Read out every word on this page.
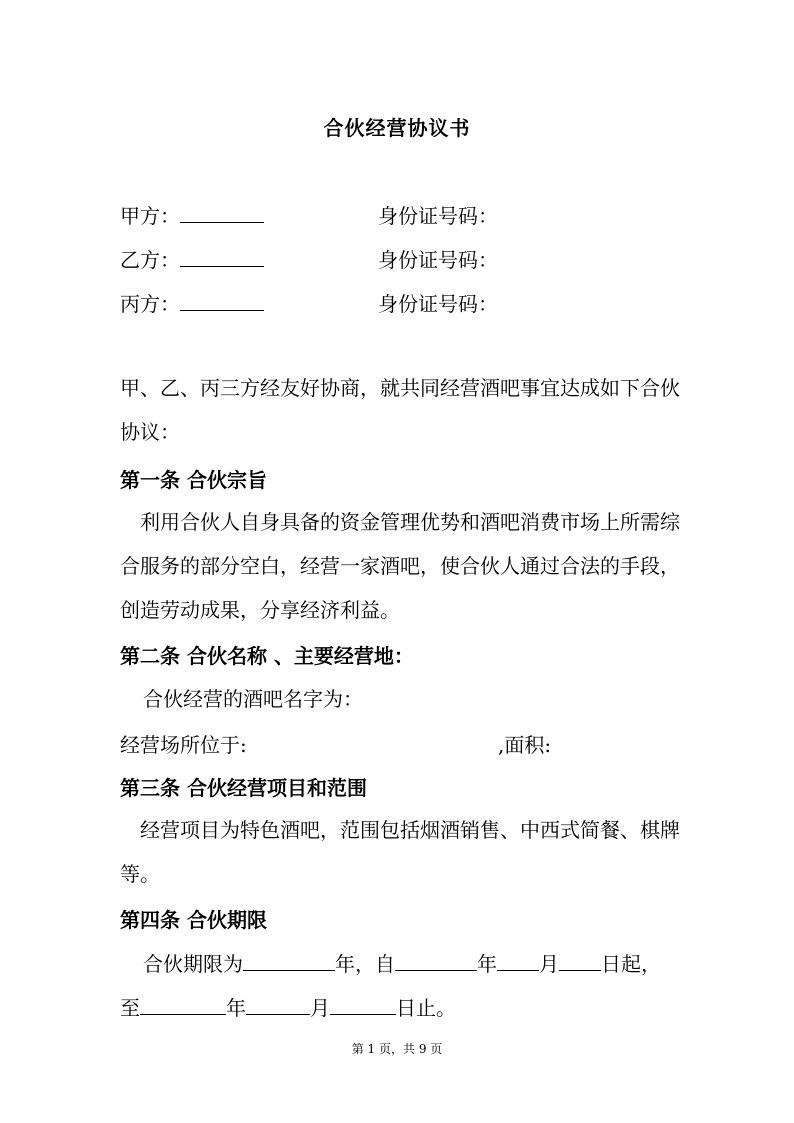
合伙经营协议书
甲方：	身份证号码：
乙方：	身份证号码：
丙方：	身份证号码：
甲、乙、丙三方经友好协商，就共同经营酒吧事宜达成如下合伙协议：
第一条 合伙宗旨
利用合伙人自身具备的资金管理优势和酒吧消费市场上所需综合服务的部分空白，经营一家酒吧，使合伙人通过合法的手段，创造劳动成果，分享经济利益。
第二条 合伙名称 、主要经营地：
合伙经营的酒吧名字为：
经营场所位于:	,面积:
第三条 合伙经营项目和范围
经营项目为特色酒吧，范围包括烟酒销售、中西式简餐、棋牌等。
第四条 合伙期限
合伙期限为	年，自	年 月 日起，
至	年	月	日止。
第 1 页，共 9 页
